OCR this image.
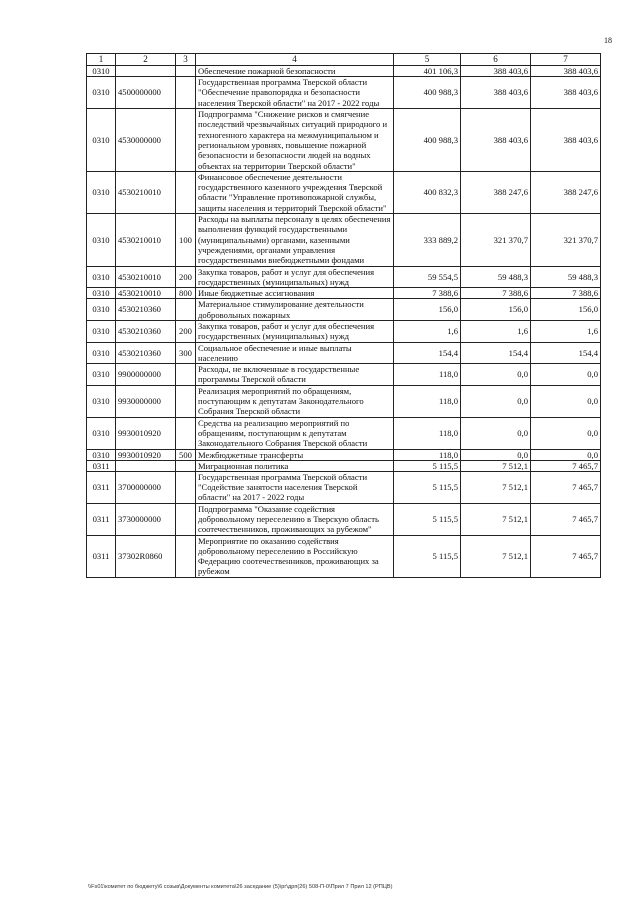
18
1	2	3	4	5	6	7
0310			Обеспечение пожарной безопасности	401 106,3	388 403,6	388 403,6
0310	4500000000		Государственная программа Тверской области "Обеспечение правопорядка и безопасности населения Тверской области" на 2017 - 2022 годы	400 988,3	388 403,6	388 403,6
0310	4530000000		Подпрограмма "Снижение рисков и смягчение последствий чрезвычайных ситуаций природного и техногенного характера на межмуниципальном и региональном уровнях, повышение пожарной безопасности и безопасности людей на водных объектах на территории Тверской области"	400 988,3	388 403,6	388 403,6
0310	4530210010		Финансовое обеспечение деятельности государственного казенного учреждения Тверской области "Управление противопожарной службы, защиты населения и территорий Тверской области"	400 832,3	388 247,6	388 247,6
0310	4530210010	100	Расходы на выплаты персоналу в целях обеспечения выполнения функций государственными (муниципальными) органами, казенными учреждениями, органами управления государственными внебюджетными фондами	333 889,2	321 370,7	321 370,7
0310	4530210010	200	Закупка товаров, работ и услуг для обеспечения государственных (муниципальных) нужд	59 554,5	59 488,3	59 488,3
0310	4530210010	800	Иные бюджетные ассигнования	7 388,6	7 388,6	7 388,6
0310	4530210360		Материальное стимулирование деятельности добровольных пожарных	156,0	156,0	156,0
0310	4530210360	200	Закупка товаров, работ и услуг для обеспечения государственных (муниципальных) нужд	1,6	1,6	1,6
0310	4530210360	300	Социальное обеспечение и иные выплаты населению	154,4	154,4	154,4
0310	9900000000		Расходы, не включенные в государственные программы Тверской области	118,0	0,0	0,0
0310	9930000000		Реализация мероприятий по обращениям, поступающим к депутатам Законодательного Собрания Тверской области	118,0	0,0	0,0
0310	9930010920		Средства на реализацию мероприятий по обращениям, поступающим к депутатам Законодательного Собрания Тверской области	118,0	0,0	0,0
0310	9930010920	500	Межбюджетные трансферты	118,0	0,0	0,0
0311			Миграционная политика	5 115,5	7 512,1	7 465,7
0311	3700000000		Государственная программа Тверской области "Содействие занятости населения Тверской области" на 2017 - 2022 годы	5 115,5	7 512,1	7 465,7
0311	3730000000		Подпрограмма "Оказание содействия добровольному переселению в Тверскую область соотечественников, проживающих за рубежом"	5 115,5	7 512,1	7 465,7
0311	37302R0860		Мероприятие по оказанию содействия добровольному переселению в Российскую Федерацию соотечественников, проживающих за рубежом	5 115,5	7 512,1	7 465,7
\\Fs01\комитет по бюджету\6 созыв\Документы комитета\26 заседание (5)\рг\дрп(26) 508-П-0\Прил 7 Прил 12 (РПЦВ)
